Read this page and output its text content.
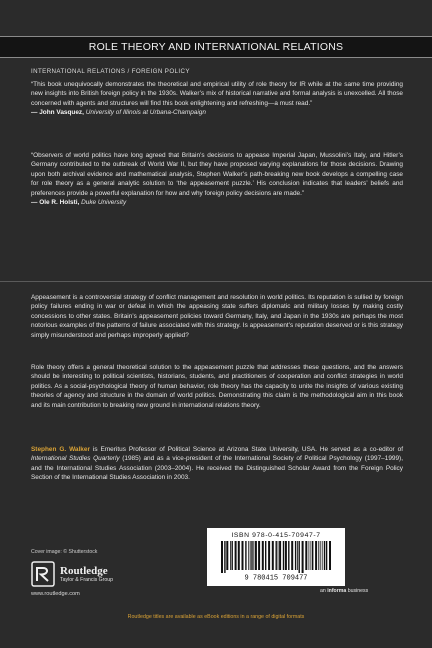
ROLE THEORY AND INTERNATIONAL RELATIONS
INTERNATIONAL RELATIONS / FOREIGN POLICY

“This book unequivocally demonstrates the theoretical and empirical utility of role theory for IR while at the same time providing new insights into British foreign policy in the 1930s. Walker’s mix of historical narrative and formal analysis is unexcelled. All those concerned with agents and structures will find this book enlightening and refreshing—a must read.”

— John Vasquez, University of Illinois at Urbana-Champaign

“Observers of world politics have long agreed that Britain’s decisions to appease Imperial Japan, Mussolini’s Italy, and Hitler’s Germany contributed to the outbreak of World War II, but they have proposed varying explanations for those decisions. Drawing upon both archival evidence and mathematical analysis, Stephen Walker’s path-breaking new book develops a compelling case for role theory as a general analytic solution to ‘the appeasement puzzle.’ His conclusion indicates that leaders’ beliefs and preferences provide a powerful explanation for how and why foreign policy decisions are made.”

— Ole R. Holsti, Duke University

Appeasement is a controversial strategy of conflict management and resolution in world politics. Its reputation is sullied by foreign policy failures ending in war or defeat in which the appeasing state suffers diplomatic and military losses by making costly concessions to other states. Britain’s appeasement policies toward Germany, Italy, and Japan in the 1930s are perhaps the most notorious examples of the patterns of failure associated with this strategy. Is appeasement’s reputation deserved or is this strategy simply misunderstood and perhaps improperly applied?

Role theory offers a general theoretical solution to the appeasement puzzle that addresses these questions, and the answers should be interesting to political scientists, historians, students, and practitioners of cooperation and conflict strategies in world politics. As a social-psychological theory of human behavior, role theory has the capacity to unite the insights of various existing theories of agency and structure in the domain of world politics. Demonstrating this claim is the methodological aim in this book and its main contribution to breaking new ground in international relations theory.

Stephen G. Walker is Emeritus Professor of Political Science at Arizona State University, USA. He served as a co-editor of International Studies Quarterly (1985) and as a vice-president of the International Society of Political Psychology (1997–1999), and the International Studies Association (2003–2004). He received the Distinguished Scholar Award from the Foreign Policy Section of the International Studies Association in 2003.

Cover image: © Shutterstock
Routledge
Taylor & Francis Group
www.routledge.com
ISBN 978-0-415-70947-7
9 780415 709477
an informa business
Routledge titles are available as eBook editions in a range of digital formats
